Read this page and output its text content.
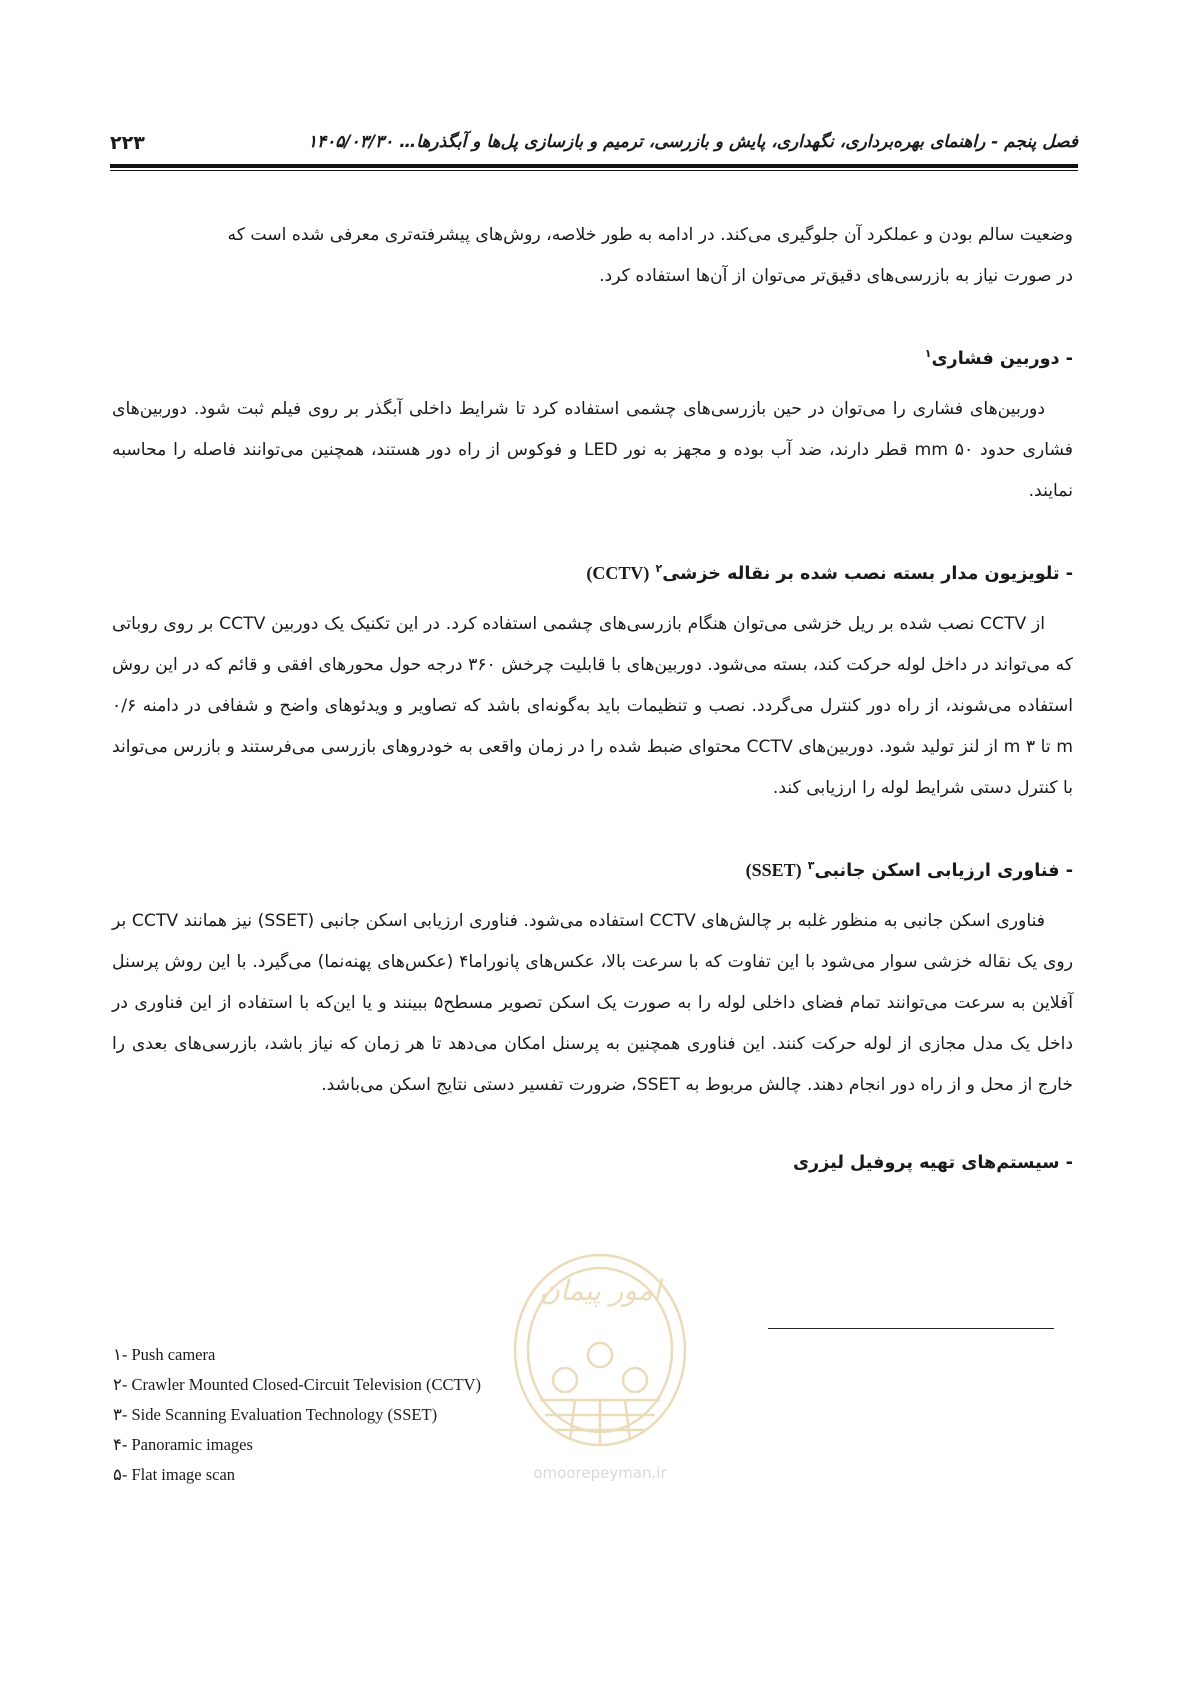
فصل پنجم - راهنمای بهره‌برداری، نگهداری، پایش و بازرسی، ترمیم و بازسازی پل‌ها و آبگذرها… ۱۴۰۵/۰۳/۳۰
۲۲۳

وضعیت سالم بودن و عملکرد آن جلوگیری می‌کند. در ادامه به طور خلاصه، روش‌های پیشرفته‌تری معرفی شده است که

در صورت نیاز به بازرسی‌های دقیق‌تر می‌توان از آن‌ها استفاده کرد.

- دوربین فشاری$^۱$

دوربین‌های فشاری را می‌توان در حین بازرسی‌های چشمی استفاده کرد تا شرایط داخلی آبگذر بر روی فیلم ثبت شود. دوربین‌های فشاری حدود ۵۰ mm قطر دارند، ضد آب بوده و مجهز به نور LED و فوکوس از راه دور هستند، همچنین می‌توانند فاصله را محاسبه نمایند.

- تلویزیون مدار بسته نصب شده بر نقاله خزشی$^۲$ (CCTV)

از CCTV نصب شده بر ریل خزشی می‌توان هنگام بازرسی‌های چشمی استفاده کرد. در این تکنیک یک دوربین CCTV بر روی روباتی که می‌تواند در داخل لوله حرکت کند، بسته می‌شود. دوربین‌های با قابلیت چرخش ۳۶۰ درجه حول محورهای افقی و قائم که در این روش استفاده می‌شوند، از راه دور کنترل می‌گردد. نصب و تنظیمات باید به‌گونه‌ای باشد که تصاویر و ویدئوهای واضح و شفافی در دامنه ۰/۶ m تا ۳ m از لنز تولید شود. دوربین‌های CCTV محتوای ضبط شده را در زمان واقعی به خودروهای بازرسی می‌فرستند و بازرس می‌تواند با کنترل دستی شرایط لوله را ارزیابی کند.

- فناوری ارزیابی اسکن جانبی$^۳$ (SSET)

فناوری اسکن جانبی به منظور غلبه بر چالش‌های CCTV استفاده می‌شود. فناوری ارزیابی اسکن جانبی (SSET) نیز همانند CCTV بر روی یک نقاله خزشی سوار می‌شود با این تفاوت که با سرعت بالا، عکس‌های پانوراما۴ (عکس‌های پهنه‌نما) می‌گیرد. با این روش پرسنل آفلاین به سرعت می‌توانند تمام فضای داخلی لوله را به صورت یک اسکن تصویر مسطح۵ ببینند و یا این‌که با استفاده از این فناوری در داخل یک مدل مجازی از لوله حرکت کنند. این فناوری همچنین به پرسنل امکان می‌دهد تا هر زمان که نیاز باشد، بازرسی‌های بعدی را خارج از محل و از راه دور انجام دهند. چالش مربوط به SSET، ضرورت تفسیر دستی نتایج اسکن می‌باشد.

- سیستم‌های تهیه پروفیل لیزری
امور پیمان
omoorepeyman.ir
۱- Push camera
۲- Crawler Mounted Closed-Circuit Television (CCTV)
۳- Side Scanning Evaluation Technology (SSET)
۴- Panoramic images
۵- Flat image scan
